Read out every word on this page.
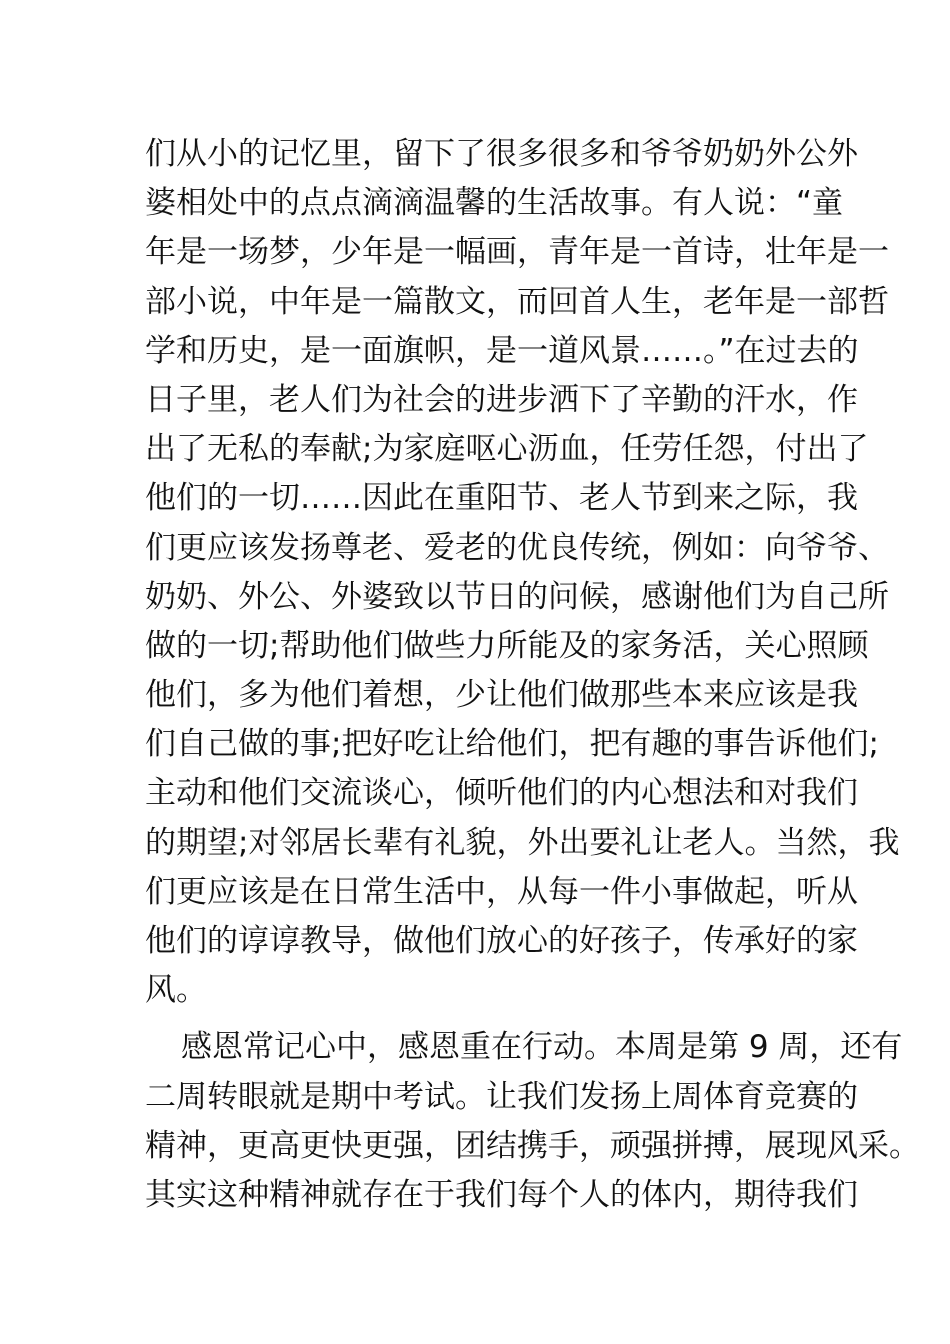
们从小的记忆里，留下了很多很多和爷爷奶奶外公外
婆相处中的点点滴滴温馨的生活故事。有人说：“童
年是一场梦，少年是一幅画，青年是一首诗，壮年是一
部小说，中年是一篇散文，而回首人生，老年是一部哲
学和历史，是一面旗帜，是一道风景……。”在过去的
日子里，老人们为社会的进步洒下了辛勤的汗水，作
出了无私的奉献;为家庭呕心沥血，任劳任怨，付出了
他们的一切……因此在重阳节、老人节到来之际，我
们更应该发扬尊老、爱老的优良传统，例如：向爷爷、
奶奶、外公、外婆致以节日的问候，感谢他们为自己所
做的一切;帮助他们做些力所能及的家务活，关心照顾
他们，多为他们着想，少让他们做那些本来应该是我
们自己做的事;把好吃让给他们，把有趣的事告诉他们;
主动和他们交流谈心，倾听他们的内心想法和对我们
的期望;对邻居长辈有礼貌，外出要礼让老人。当然，我
们更应该是在日常生活中，从每一件小事做起，听从
他们的谆谆教导，做他们放心的好孩子，传承好的家
风。
感恩常记心中，感恩重在行动。本周是第 9 周，还有
二周转眼就是期中考试。让我们发扬上周体育竞赛的
精神，更高更快更强，团结携手，顽强拼搏，展现风采。
其实这种精神就存在于我们每个人的体内，期待我们
